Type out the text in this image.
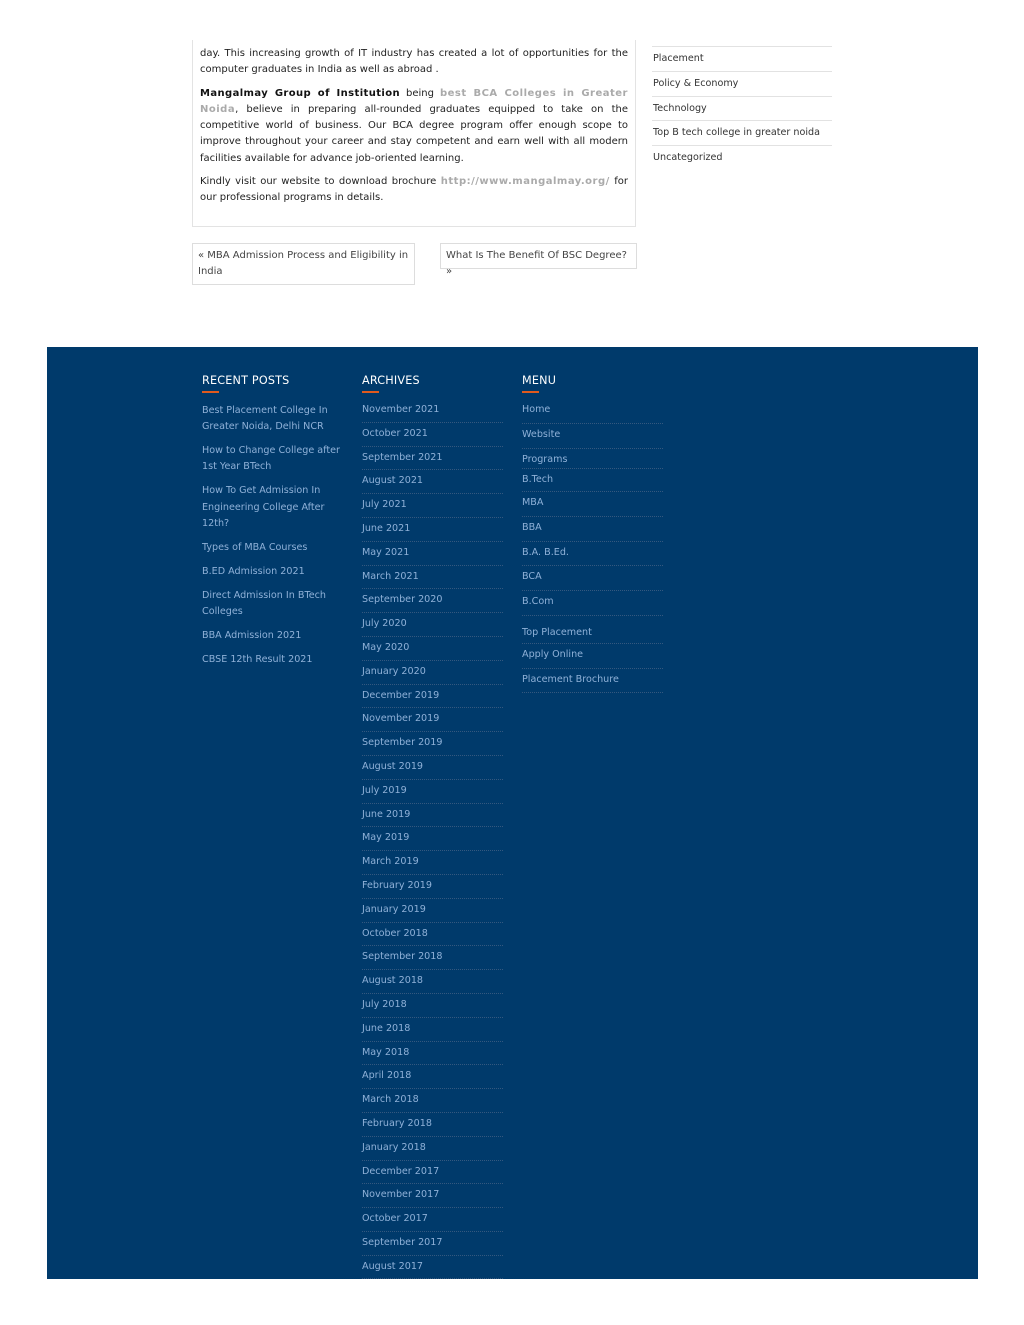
day. This increasing growth of IT industry has created a lot of opportunities for the computer graduates in India as well as abroad .

Mangalmay Group of Institution being best BCA Colleges in Greater Noida, believe in preparing all-rounded graduates equipped to take on the competitive world of business. Our BCA degree program offer enough scope to improve throughout your career and stay competent and earn well with all modern facilities available for advance job-oriented learning.

Kindly visit our website to download brochure http://www.mangalmay.org/ for our professional programs in details.

Placement
Policy & Economy
Technology
Top B tech college in greater noida
Uncategorized
« MBA Admission Process and Eligibility in India
What Is The Benefit Of BSC Degree? »
RECENT POSTS
Best Placement College In Greater Noida, Delhi NCR
How to Change College after 1st Year BTech
How To Get Admission In Engineering College After 12th?
Types of MBA Courses
B.ED Admission 2021
Direct Admission In BTech Colleges
BBA Admission 2021
CBSE 12th Result 2021
ARCHIVES
November 2021
October 2021
September 2021
August 2021
July 2021
June 2021
May 2021
March 2021
September 2020
July 2020
May 2020
January 2020
December 2019
November 2019
September 2019
August 2019
July 2019
June 2019
May 2019
March 2019
February 2019
January 2019
October 2018
September 2018
August 2018
July 2018
June 2018
May 2018
April 2018
March 2018
February 2018
January 2018
December 2017
November 2017
October 2017
September 2017
August 2017
MENU
Home
Website
Programs
B.Tech
MBA
BBA
B.A. B.Ed.
BCA
B.Com
Top Placement
Apply Online
Placement Brochure
